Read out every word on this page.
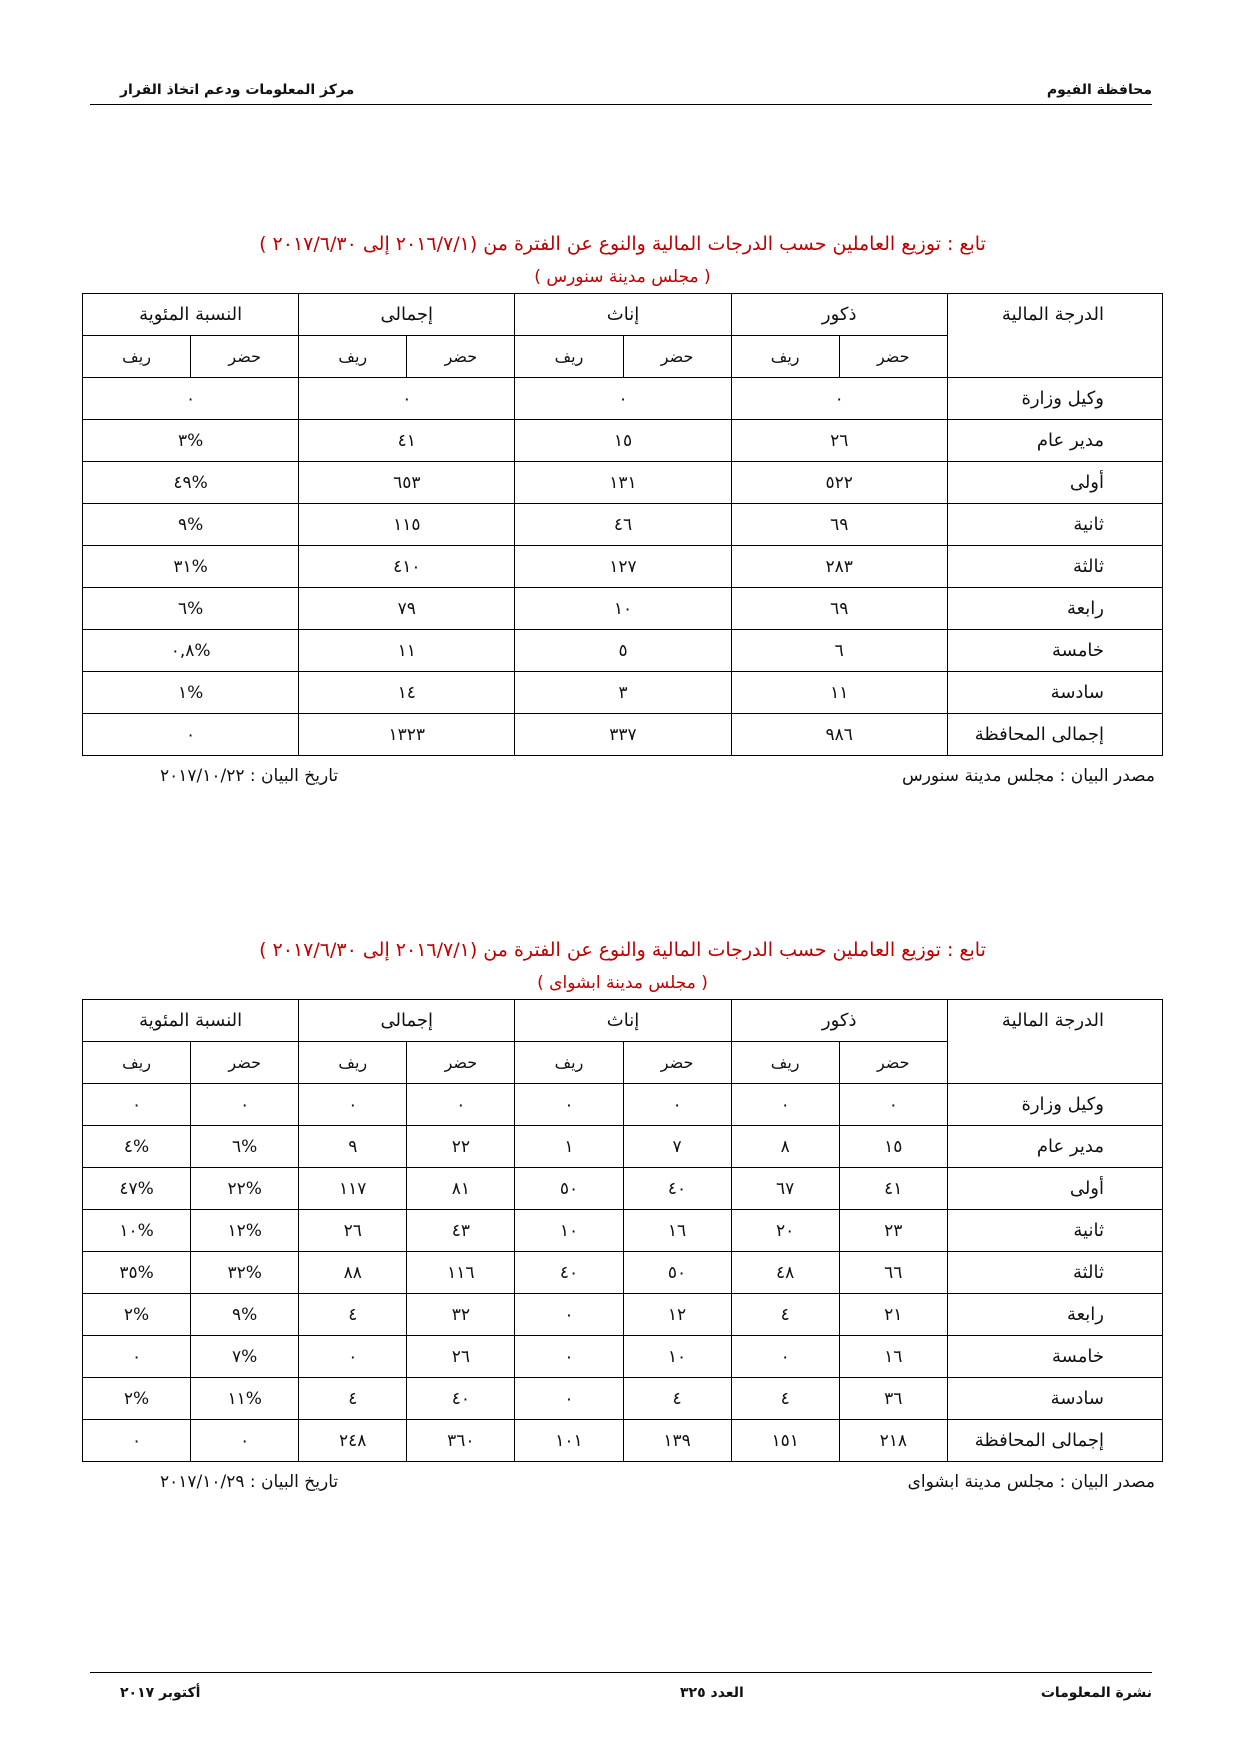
محافظة الفيوم
مركز المعلومات ودعم اتخاذ القرار
تابع : توزيع العاملين حسب الدرجات المالية والنوع عن الفترة من (٢٠١٦/٧/١ إلى ٢٠١٧/٦/٣٠ )
( مجلس مدينة سنورس )
الدرجة المالية	ذكور		إناث		إجمالى		النسبة المئوية	
	حضر	ريف	حضر	ريف	حضر	ريف	حضر	ريف
وكيل وزارة	٠		٠		٠		٠	
مدير عام	٢٦		١٥		٤١		%٣	
أولى	٥٢٢		١٣١		٦٥٣		%٤٩	
ثانية	٦٩		٤٦		١١٥		%٩	
ثالثة	٢٨٣		١٢٧		٤١٠		%٣١	
رابعة	٦٩		١٠		٧٩		%٦	
خامسة	٦		٥		١١		%٠,٨	
سادسة	١١		٣		١٤		%١	
إجمالى المحافظة	٩٨٦		٣٣٧		١٣٢٣		٠	
مصدر البيان : مجلس مدينة سنورس
تاريخ البيان : ٢٠١٧/١٠/٢٢
تابع : توزيع العاملين حسب الدرجات المالية والنوع عن الفترة من (٢٠١٦/٧/١ إلى ٢٠١٧/٦/٣٠ )
( مجلس مدينة ابشواى )
الدرجة المالية	ذكور		إناث		إجمالى		النسبة المئوية	
	حضر	ريف	حضر	ريف	حضر	ريف	حضر	ريف
وكيل وزارة	٠	٠	٠	٠	٠	٠	٠	٠
مدير عام	١٥	٨	٧	١	٢٢	٩	%٦	%٤
أولى	٤١	٦٧	٤٠	٥٠	٨١	١١٧	%٢٢	%٤٧
ثانية	٢٣	٢٠	١٦	١٠	٤٣	٢٦	%١٢	%١٠
ثالثة	٦٦	٤٨	٥٠	٤٠	١١٦	٨٨	%٣٢	%٣٥
رابعة	٢١	٤	١٢	٠	٣٢	٤	%٩	%٢
خامسة	١٦	٠	١٠	٠	٢٦	٠	%٧	٠
سادسة	٣٦	٤	٤	٠	٤٠	٤	%١١	%٢
إجمالى المحافظة	٢١٨	١٥١	١٣٩	١٠١	٣٦٠	٢٤٨	٠	٠
مصدر البيان : مجلس مدينة ابشواى
تاريخ البيان : ٢٠١٧/١٠/٢٩
نشرة المعلومات
العدد ٣٢٥
أكتوبر ٢٠١٧
